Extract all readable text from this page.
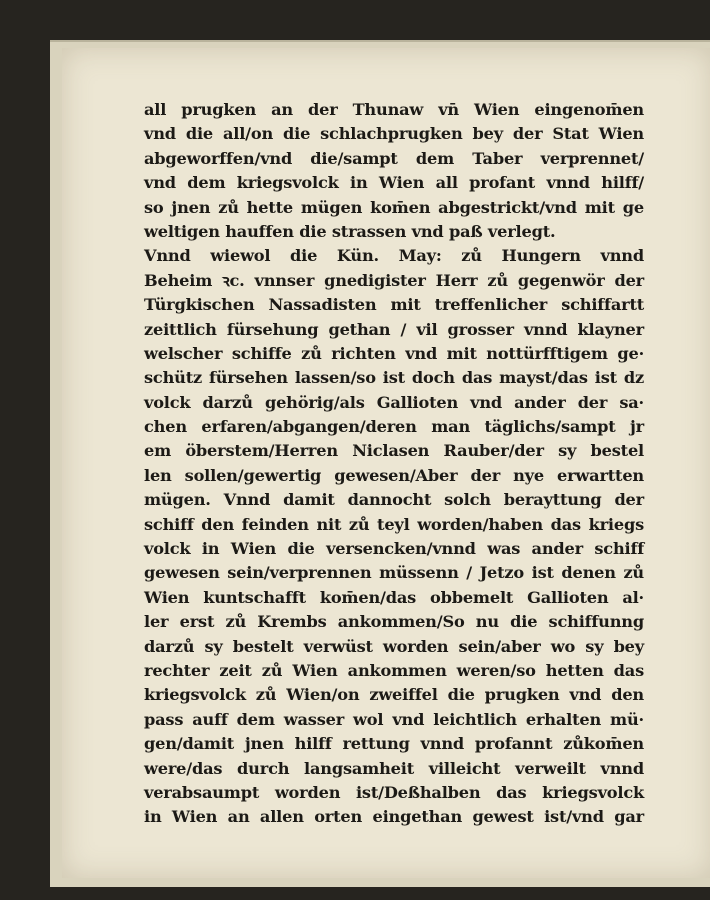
all prugken an der Thunaw vn̄ Wien eingenom̄en
vnd die all/on die schlachprugken bey der Stat Wien
abgeworffen/vnd die/sampt dem Taber verprennet/
vnd dem kriegsvolck in Wien all profant vnnd hilff/
so jnen zů hette mügen kom̄en abgestrickt/vnd mit ge
weltigen hauffen die strassen vnd paß verlegt.
Vnnd wiewol die Kün. May: zů Hungern vnnd
Beheim ꝛc. vnnser gnedigister Herr zů gegenwör der
Türgkischen Nassadisten mit treffenlicher schiffartt
zeittlich fürsehung gethan / vil grosser vnnd klayner
welscher schiffe zů richten vnd mit nottürfftigem ge·
schütz fürsehen lassen/so ist doch das mayst/das ist dz
volck darzů gehörig/als Gallioten vnd ander der sa·
chen erfaren/abgangen/deren man täglichs/sampt jr
em öberstem/Herren Niclasen Rauber/der sy bestel
len sollen/gewertig gewesen/Aber der nye erwartten
mügen. Vnnd damit dannocht solch berayttung der
schiff den feinden nit zů teyl worden/haben das kriegs
volck in Wien die versencken/vnnd was ander schiff
gewesen sein/verprennen müssenn / Jetzo ist denen zů
Wien kuntschafft kom̄en/das obbemelt Gallioten al·
ler erst zů Krembs ankommen/So nu die schiffunng
darzů sy bestelt verwüst worden sein/aber wo sy bey
rechter zeit zů Wien ankommen weren/so hetten das
kriegsvolck zů Wien/on zweiffel die prugken vnd den
pass auff dem wasser wol vnd leichtlich erhalten mü·
gen/damit jnen hilff rettung vnnd profannt zůkom̄en
were/das durch langsamheit villeicht verweilt vnnd
verabsaumpt worden ist/Deßhalben das kriegsvolck
in Wien an allen orten eingethan gewest ist/vnd gar
